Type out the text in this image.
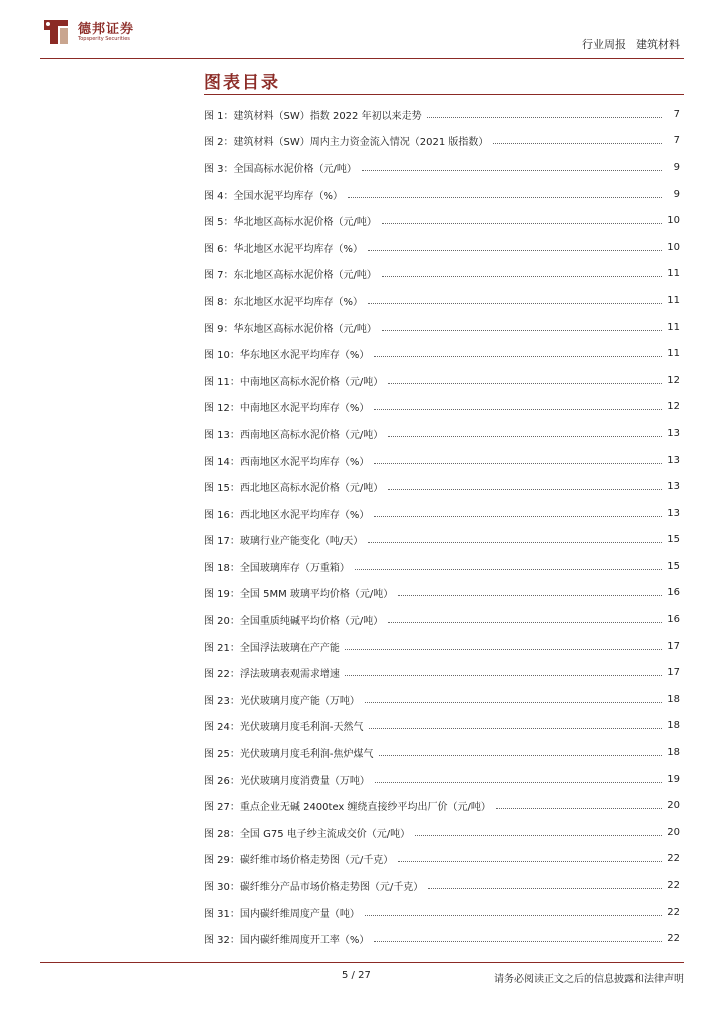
德邦证券
Topsperity Securities	行业周报 建筑材料
图表目录
图 1：建筑材料（SW）指数 2022 年初以来走势	7
图 2：建筑材料（SW）周内主力资金流入情况（2021 版指数）	7
图 3：全国高标水泥价格（元/吨）	9
图 4：全国水泥平均库存（%）	9
图 5：华北地区高标水泥价格（元/吨）	10
图 6：华北地区水泥平均库存（%）	10
图 7：东北地区高标水泥价格（元/吨）	11
图 8：东北地区水泥平均库存（%）	11
图 9：华东地区高标水泥价格（元/吨）	11
图 10：华东地区水泥平均库存（%）	11
图 11：中南地区高标水泥价格（元/吨）	12
图 12：中南地区水泥平均库存（%）	12
图 13：西南地区高标水泥价格（元/吨）	13
图 14：西南地区水泥平均库存（%）	13
图 15：西北地区高标水泥价格（元/吨）	13
图 16：西北地区水泥平均库存（%）	13
图 17：玻璃行业产能变化（吨/天）	15
图 18：全国玻璃库存（万重箱）	15
图 19：全国 5MM 玻璃平均价格（元/吨）	16
图 20：全国重质纯碱平均价格（元/吨）	16
图 21：全国浮法玻璃在产产能	17
图 22：浮法玻璃表观需求增速	17
图 23：光伏玻璃月度产能（万吨）	18
图 24：光伏玻璃月度毛利润-天然气	18
图 25：光伏玻璃月度毛利润-焦炉煤气	18
图 26：光伏玻璃月度消费量（万吨）	19
图 27：重点企业无碱 2400tex 缠绕直接纱平均出厂价（元/吨）	20
图 28：全国 G75 电子纱主流成交价（元/吨）	20
图 29：碳纤维市场价格走势图（元/千克）	22
图 30：碳纤维分产品市场价格走势图（元/千克）	22
图 31：国内碳纤维周度产量（吨）	22
图 32：国内碳纤维周度开工率（%）	22
5 / 27	请务必阅读正文之后的信息披露和法律声明
